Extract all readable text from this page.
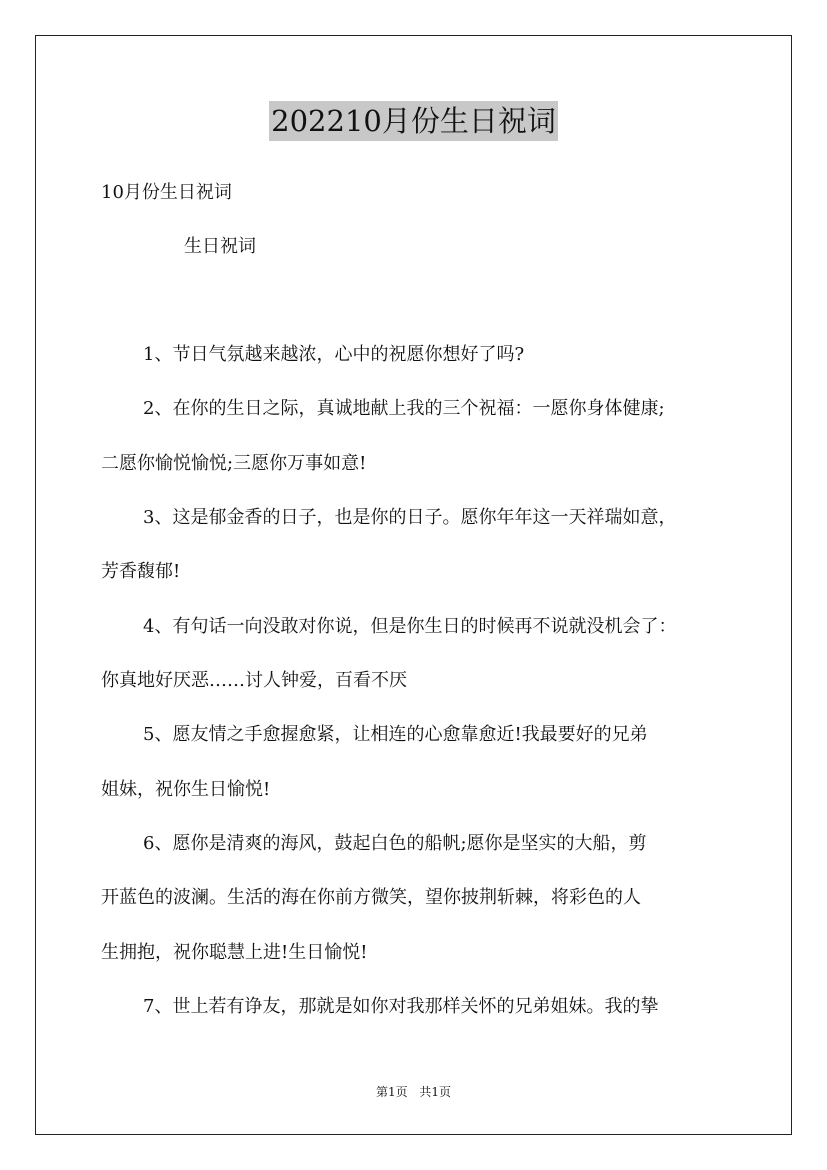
202210月份生日祝词
10月份生日祝词
生日祝词
1、节日气氛越来越浓，心中的祝愿你想好了吗?
2、在你的生日之际，真诚地献上我的三个祝福：一愿你身体健康;
二愿你愉悦愉悦;三愿你万事如意!
3、这是郁金香的日子，也是你的日子。愿你年年这一天祥瑞如意，
芳香馥郁!
4、有句话一向没敢对你说，但是你生日的时候再不说就没机会了：
你真地好厌恶……讨人钟爱，百看不厌
5、愿友情之手愈握愈紧，让相连的心愈靠愈近!我最要好的兄弟
姐妹，祝你生日愉悦!
6、愿你是清爽的海风，鼓起白色的船帆;愿你是坚实的大船，剪
开蓝色的波澜。生活的海在你前方微笑，望你披荆斩棘，将彩色的人
生拥抱，祝你聪慧上进!生日愉悦!
7、世上若有诤友，那就是如你对我那样关怀的兄弟姐妹。我的挚
第1页 共1页
